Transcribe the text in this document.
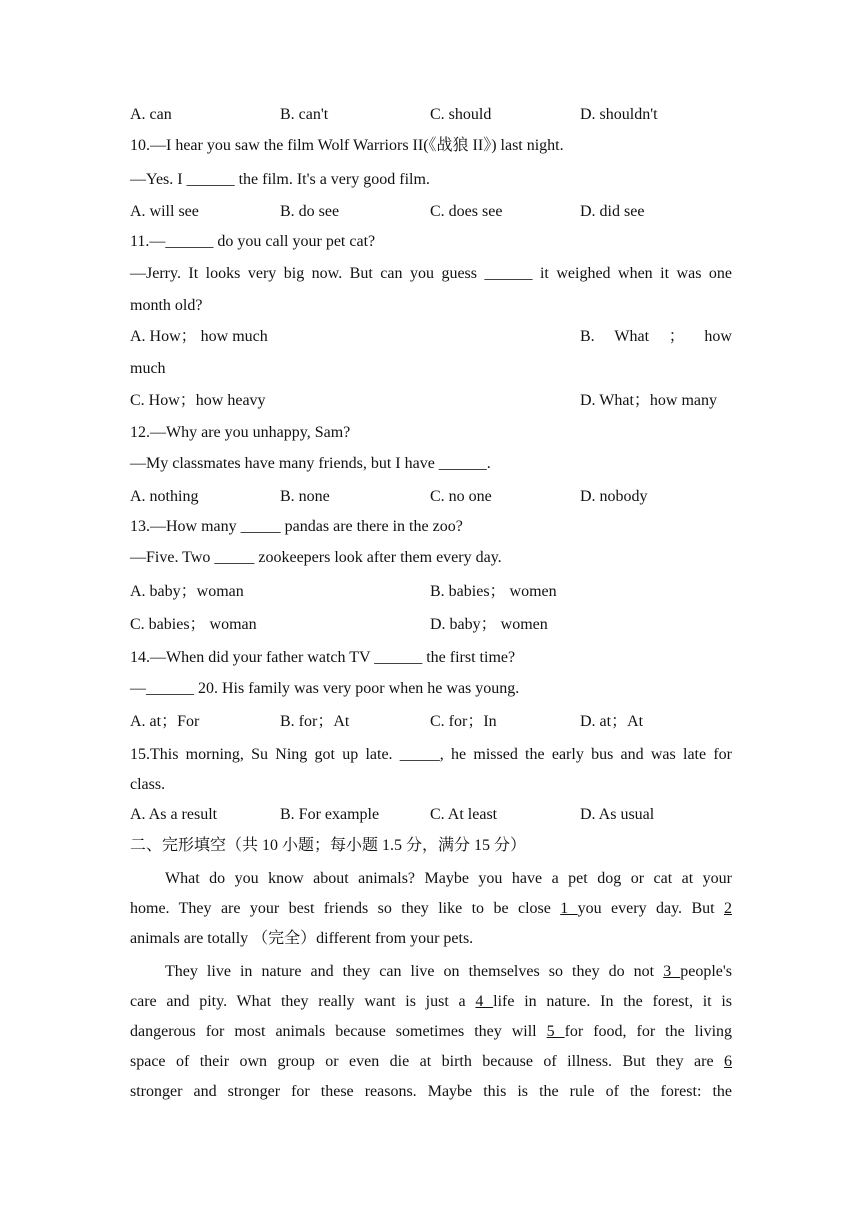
A. can	B. can't	C. should	D. shouldn't
10.—I hear you saw the film Wolf Warriors II(《战狼 II》) last night.
—Yes. I ______ the film. It's a very good film.
A. will see	B. do see	C. does see	D. did see
11.—______ do you call your pet cat?
—Jerry. It looks very big now. But can you guess ______ it weighed when it was one
month old?
A. How； how much	B. What ； how
much
C. How；how heavy	D. What；how many
12.—Why are you unhappy, Sam?
—My classmates have many friends, but I have ______.
A. nothing	B. none	C. no one	D. nobody
13.—How many _____ pandas are there in the zoo?
—Five. Two _____ zookeepers look after them every day.
A. baby；woman	B. babies； women
C. babies； woman	D. baby； women
14.—When did your father watch TV ______ the first time?
—______ 20. His family was very poor when he was young.
A. at；For	B. for；At	C. for；In	D. at；At
15.This morning, Su Ning got up late. _____, he missed the early bus and was late for
class.
A. As a result	B. For example	C. At least	D. As usual
二、完形填空（共 10 小题；每小题 1.5 分，满分 15 分）
What do you know about animals? Maybe you have a pet dog or cat at your
home. They are your best friends so they like to be close 1 you every day. But 2
animals are totally （完全）different from your pets.
They live in nature and they can live on themselves so they do not 3 people's
care and pity. What they really want is just a 4 life in nature. In the forest, it is
dangerous for most animals because sometimes they will 5 for food, for the living
space of their own group or even die at birth because of illness. But they are 6
stronger and stronger for these reasons. Maybe this is the rule of the forest: the
